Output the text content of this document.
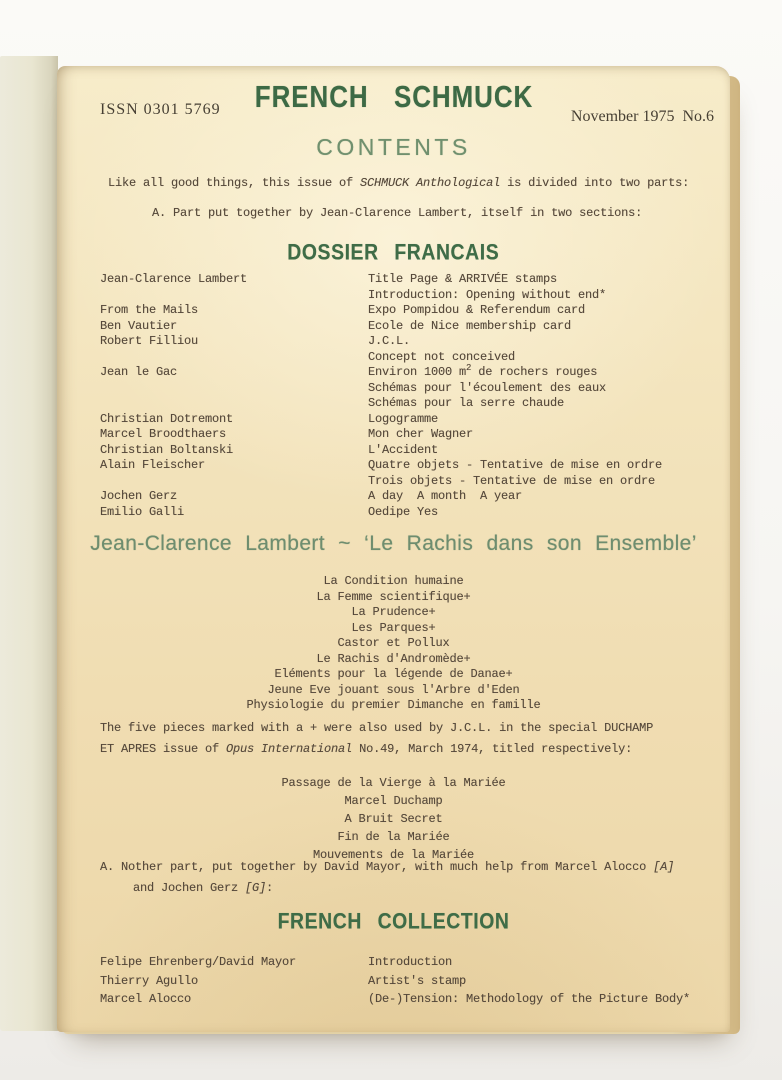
ISSN 0301 5769	FRENCH SCHMUCK
November 1975  No.6
CONTENTS
Like all good things, this issue of SCHMUCK Anthological is divided into two parts:
A. Part put together by Jean-Clarence Lambert, itself in two sections:
DOSSIER FRANCAIS
Jean-Clarence Lambert	Title Page & ARRIVÉE stamps
Introduction: Opening without end*
From the Mails	Expo Pompidou & Referendum card
Ben Vautier	Ecole de Nice membership card
Robert Filliou	J.C.L.
Concept not conceived
Jean le Gac	Environ 1000 $m^2$ de rochers rouges
Schémas pour l'écoulement des eaux
Schémas pour la serre chaude
Christian Dotremont	Logogramme
Marcel Broodthaers	Mon cher Wagner
Christian Boltanski	L'Accident
Alain Fleischer	Quatre objets - Tentative de mise en ordre
Trois objets - Tentative de mise en ordre
Jochen Gerz	A day  A month  A year
Emilio Galli	Oedipe Yes
Jean-Clarence Lambert ~ ‘Le Rachis dans son Ensemble’
La Condition humaine
La Femme scientifique+
La Prudence+
Les Parques+
Castor et Pollux
Le Rachis d'Andromède+
Eléments pour la légende de Danae+
Jeune Eve jouant sous l'Arbre d'Eden
Physiologie du premier Dimanche en famille
The five pieces marked with a + were also used by J.C.L. in the special DUCHAMP
ET APRES issue of Opus International No.49, March 1974, titled respectively:
Passage de la Vierge à la Mariée
Marcel Duchamp
A Bruit Secret
Fin de la Mariée
Mouvements de la Mariée
A. Nother part, put together by David Mayor, with much help from Marcel Alocco [A]
and Jochen Gerz [G]:
FRENCH COLLECTION
Felipe Ehrenberg/David Mayor	Introduction
Thierry Agullo	Artist's stamp
Marcel Alocco	(De-)Tension: Methodology of the Picture Body*
